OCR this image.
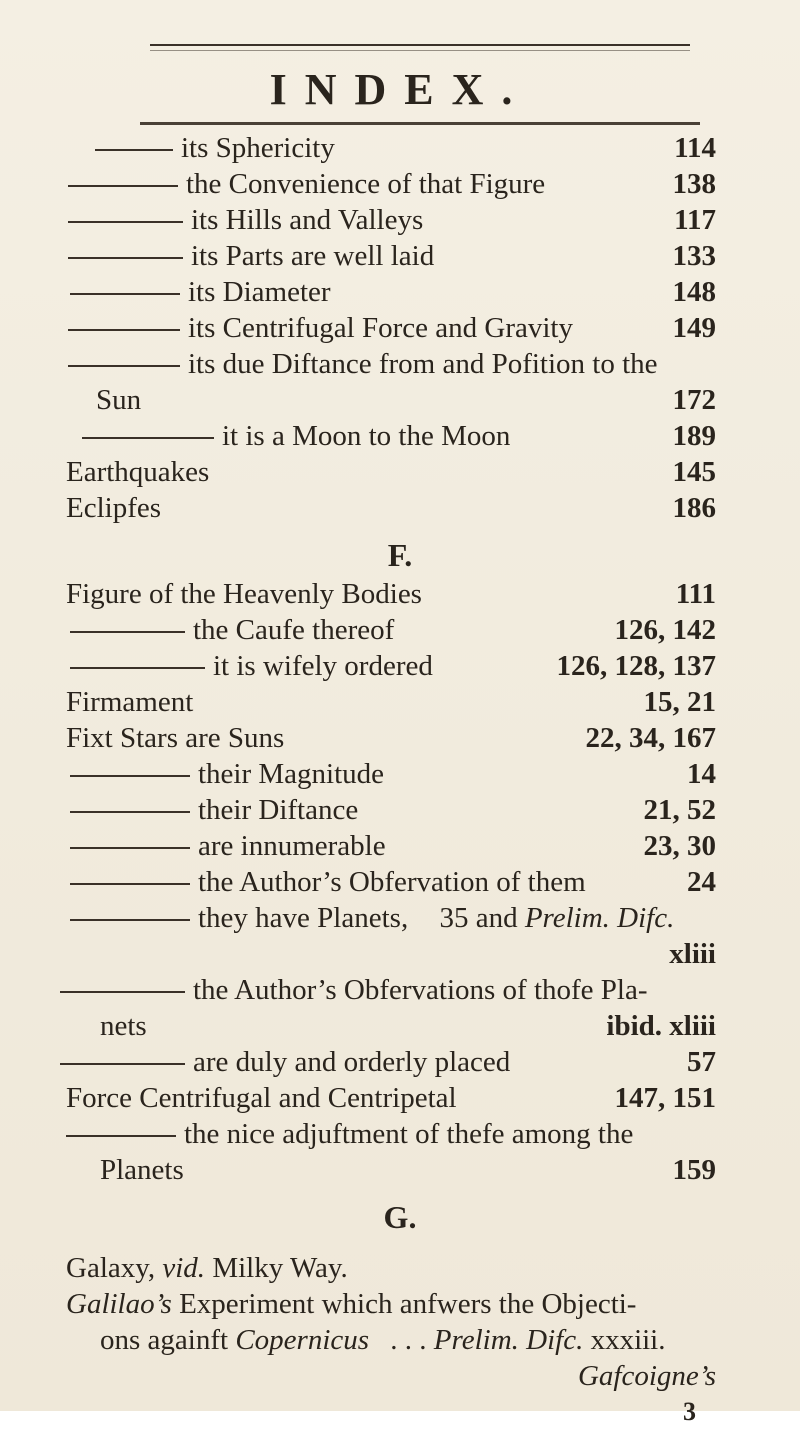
INDEX.
its Sphericity	114
the Convenience of that Figure	138
its Hills and Valleys	117
its Parts are well laid	133
its Diameter	148
its Centrifugal Force and Gravity	149
its due Diftance from and Pofition to the
Sun	172
it is a Moon to the Moon	189
Earthquakes	145
Eclipfes	186
F.
Figure of the Heavenly Bodies	111
the Caufe thereof	126, 142
it is wifely ordered	126, 128, 137
Firmament	15, 21
Fixt Stars are Suns	22, 34, 167
their Magnitude	14
their Diftance	21, 52
are innumerable	23, 30
the Author’s Obfervation of them	24
they have Planets, 35 and Prelim. Difc.
xliii
the Author’s Obfervations of thofe Pla-
nets	ibid. xliii
are duly and orderly placed	57
Force Centrifugal and Centripetal	147, 151
the nice adjuftment of thefe among the
Planets	159
G.
Galaxy, vid. Milky Way.
Galilao’s Experiment which anfwers the Objecti-
ons againft Copernicus . . . Prelim. Difc. xxxiii.
Gafcoigne’s
3
